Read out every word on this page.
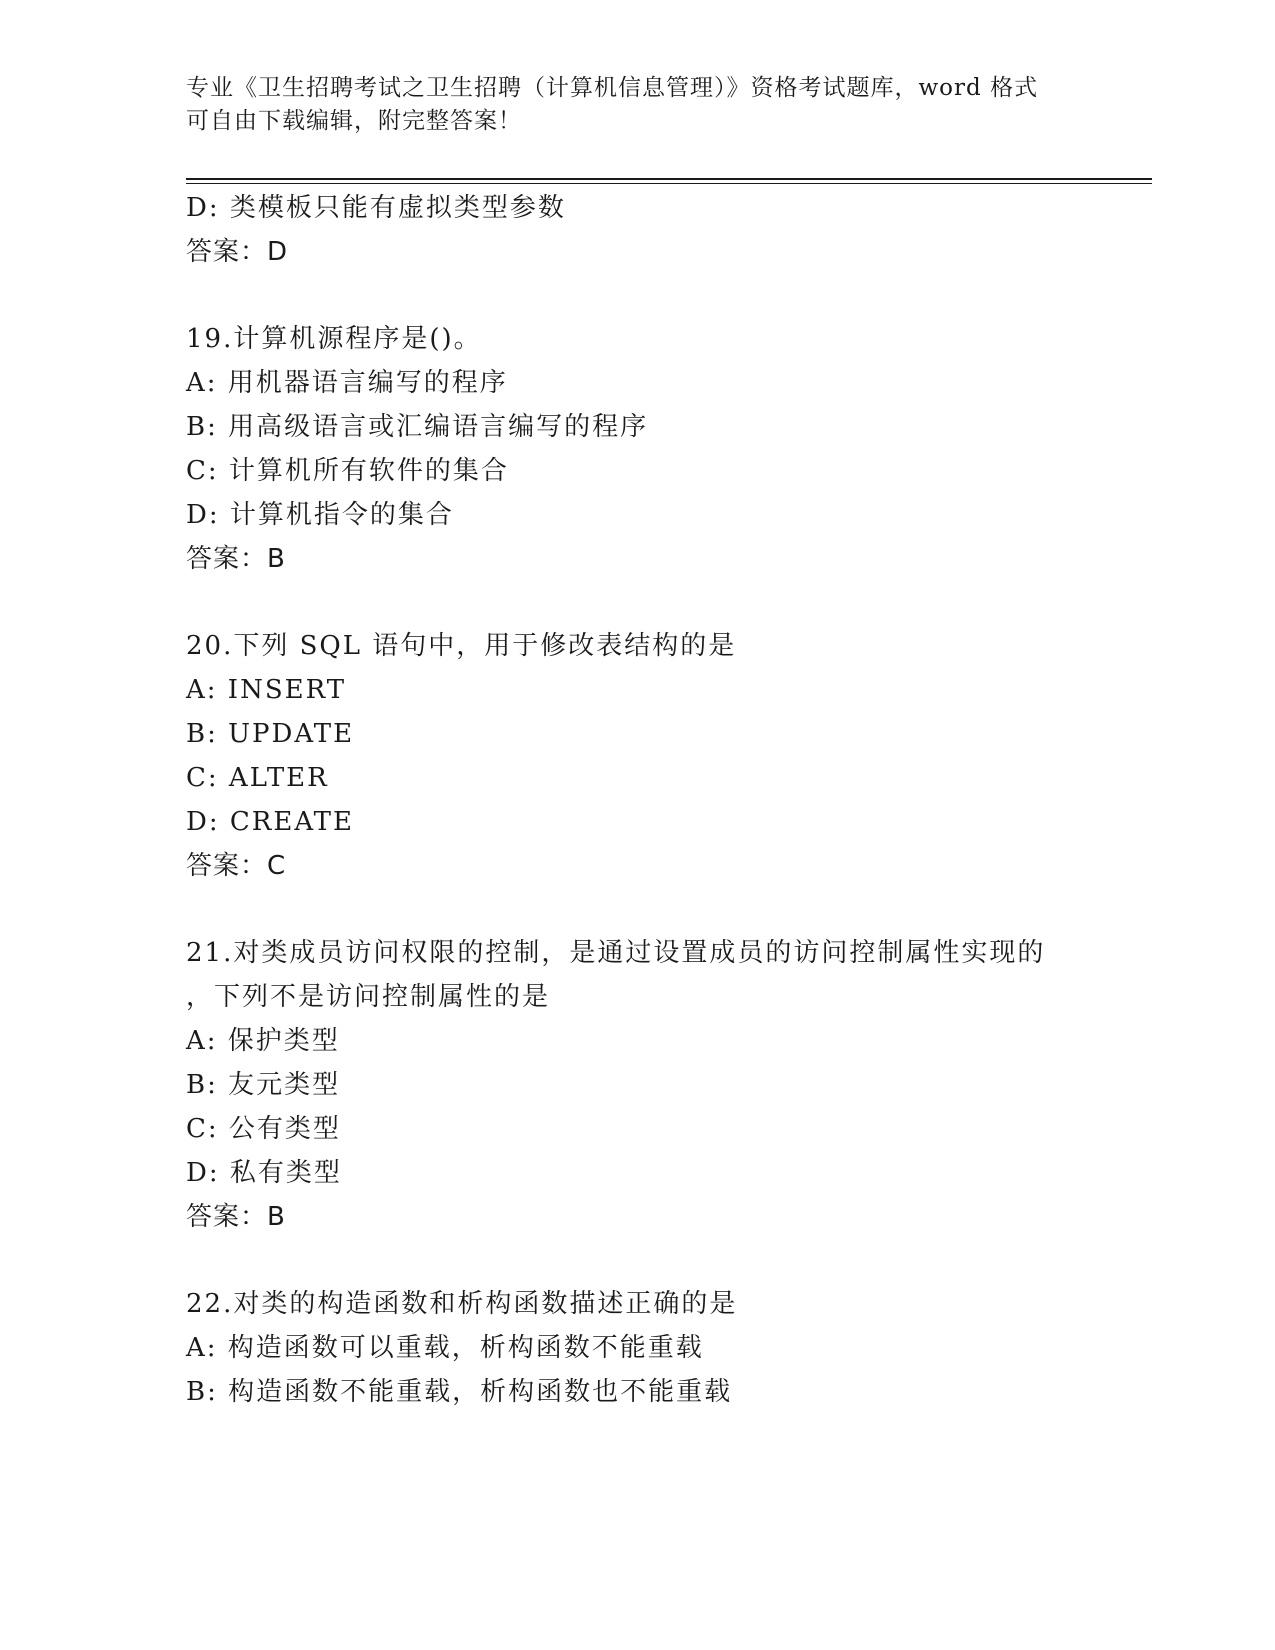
专业《卫生招聘考试之卫生招聘（计算机信息管理）》资格考试题库，word 格式
可自由下载编辑，附完整答案！
D: 类模板只能有虚拟类型参数
答案：D
19.计算机源程序是()。
A: 用机器语言编写的程序
B: 用高级语言或汇编语言编写的程序
C: 计算机所有软件的集合
D: 计算机指令的集合
答案：B
20.下列 SQL 语句中，用于修改表结构的是
A: INSERT
B: UPDATE
C: ALTER
D: CREATE
答案：C
21.对类成员访问权限的控制，是通过设置成员的访问控制属性实现的
，下列不是访问控制属性的是
A: 保护类型
B: 友元类型
C: 公有类型
D: 私有类型
答案：B
22.对类的构造函数和析构函数描述正确的是
A: 构造函数可以重载，析构函数不能重载
B: 构造函数不能重载，析构函数也不能重载
